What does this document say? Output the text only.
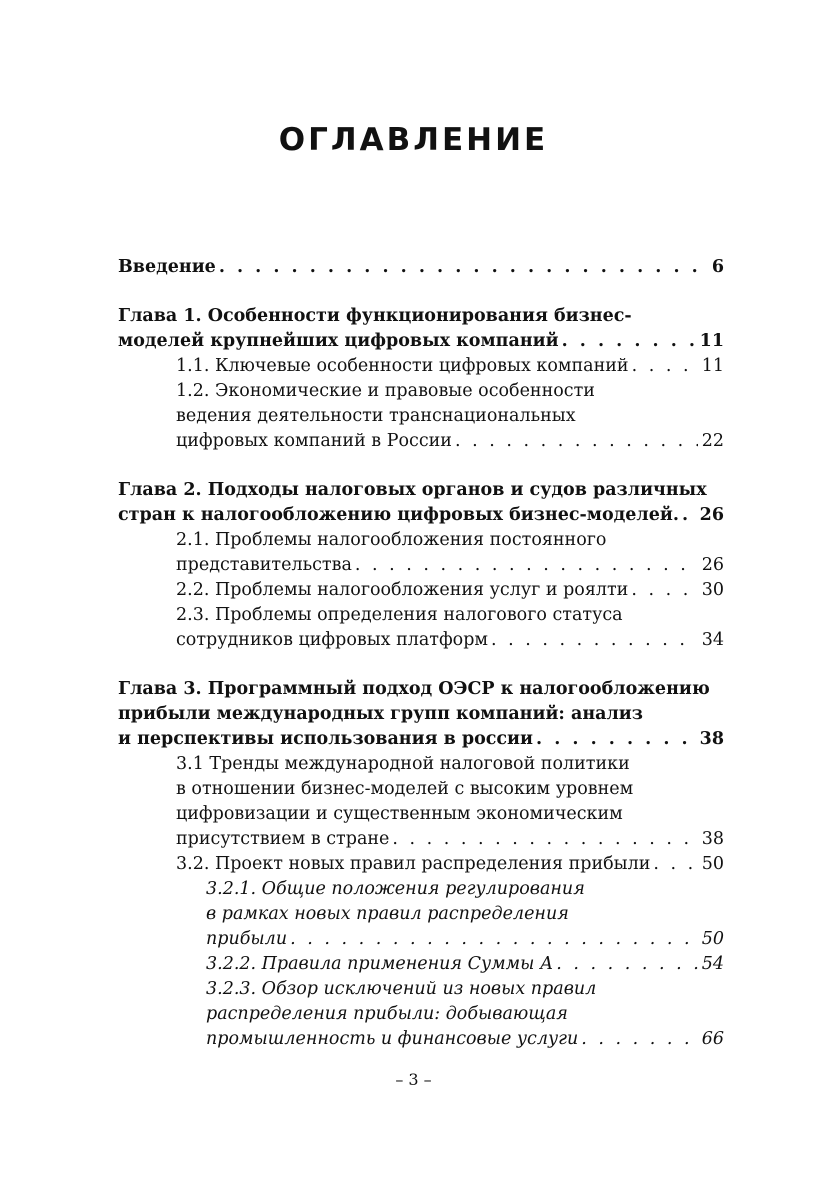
ОГЛАВЛЕНИЕ
Введение . . .	6
Глава 1. Особенности функционирования бизнес-
моделей крупнейших цифровых компаний . . .	11
1.1. Ключевые особенности цифровых компаний . . .	11
1.2. Экономические и правовые особенности
ведения деятельности транснациональных
цифровых компаний в России . . .	22
Глава 2. Подходы налоговых органов и судов различных
стран к налогообложению цифровых бизнес-моделей. . . . 26
2.1. Проблемы налогообложения постоянного
представительства . . .	26
2.2. Проблемы налогообложения услуг и роялти . . .	30
2.3. Проблемы определения налогового статуса
сотрудников цифровых платформ . . .	34
Глава 3. Программный подход ОЭСР к налогообложению
прибыли международных групп компаний: анализ
и перспективы использования в россии . . .	38
3.1 Тренды международной налоговой политики
в отношении бизнес-моделей с высоким уровнем
цифровизации и существенным экономическим
присутствием в стране . . .	38
3.2. Проект новых правил распределения прибыли . . .	50
3.2.1. Общие положения регулирования
в рамках новых правил распределения
прибыли . . .	50
3.2.2. Правила применения Суммы А . . .	54
3.2.3. Обзор исключений из новых правил
распределения прибыли: добывающая
промышленность и финансовые услуги . . .	66
– 3 –
